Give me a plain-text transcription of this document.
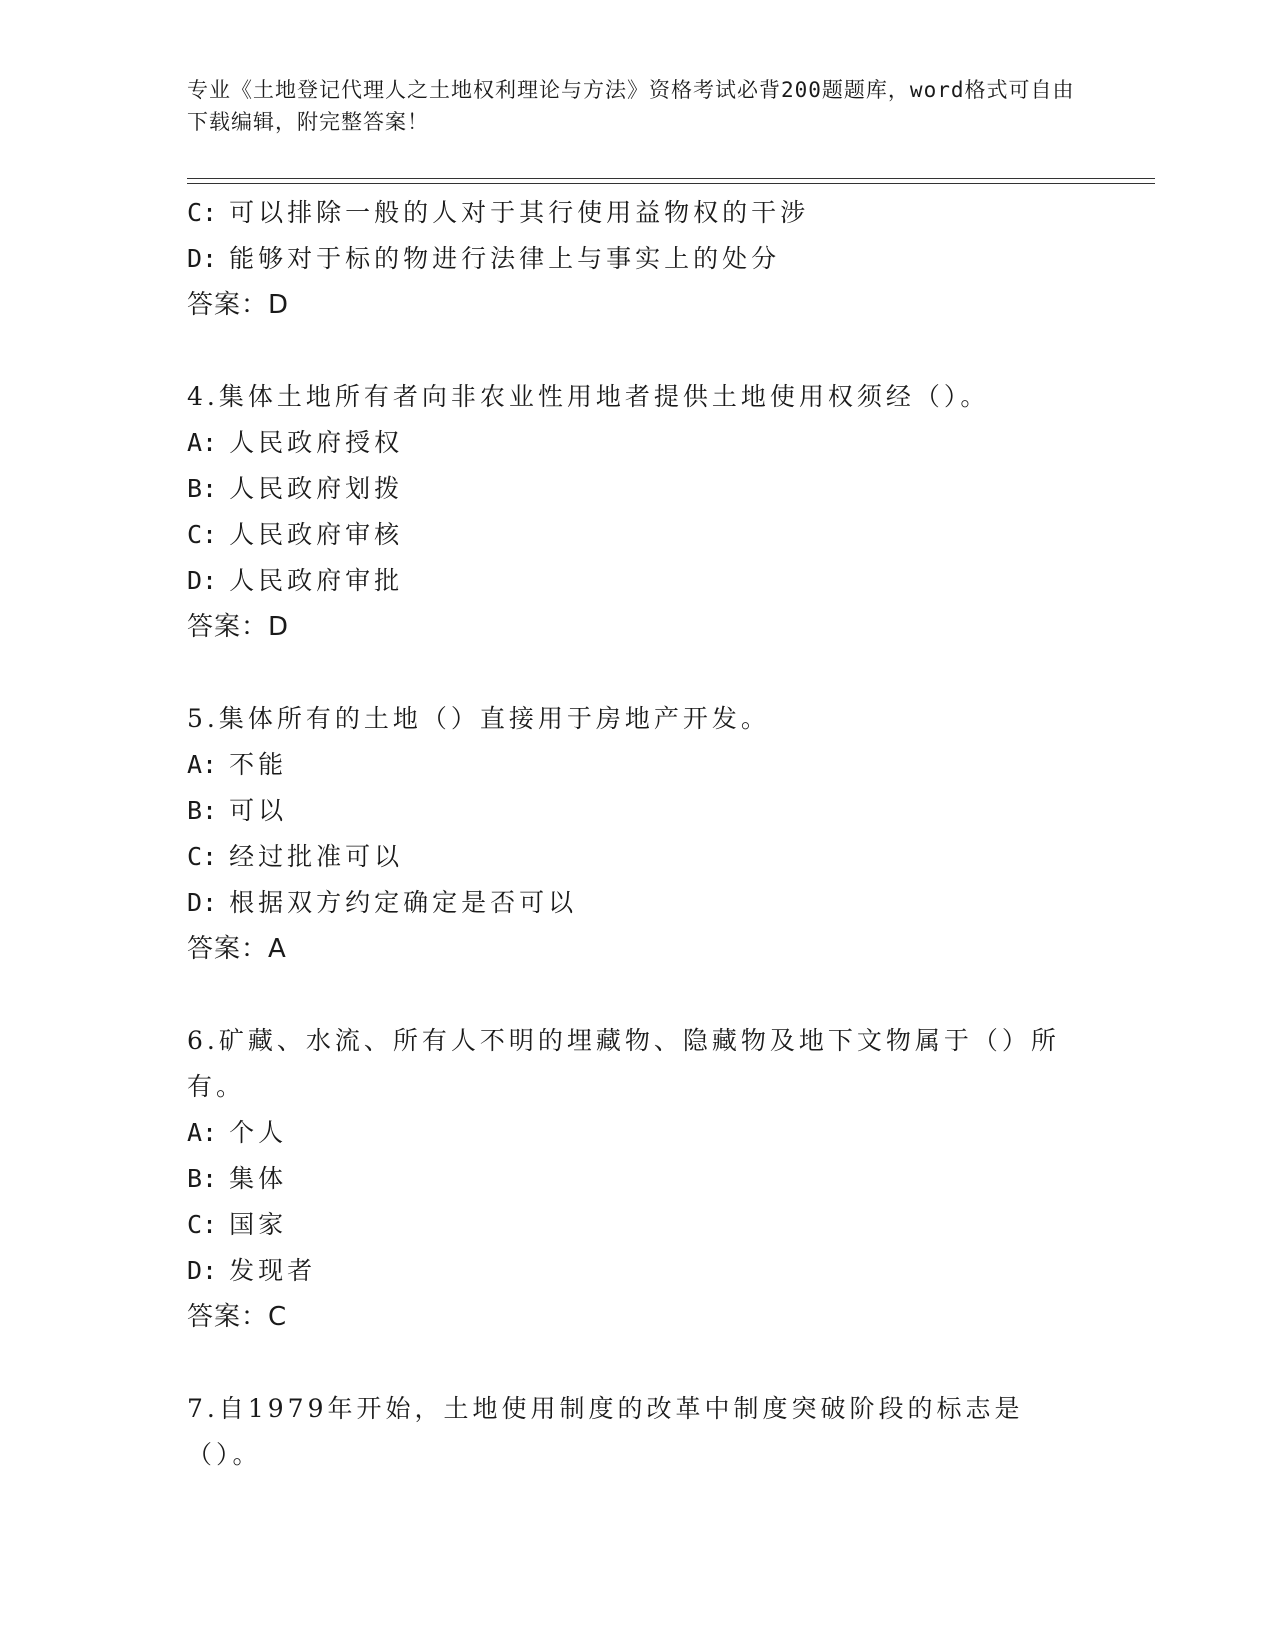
专业《土地登记代理人之土地权利理论与方法》资格考试必背200题题库，word格式可自由下载编辑，附完整答案！
C: 可以排除一般的人对于其行使用益物权的干涉
D: 能够对于标的物进行法律上与事实上的处分
答案：D
4.集体土地所有者向非农业性用地者提供土地使用权须经（）。
A: 人民政府授权
B: 人民政府划拨
C: 人民政府审核
D: 人民政府审批
答案：D
5.集体所有的土地（）直接用于房地产开发。
A: 不能
B: 可以
C: 经过批准可以
D: 根据双方约定确定是否可以
答案：A
6.矿藏、水流、所有人不明的埋藏物、隐藏物及地下文物属于（）所有。
A: 个人
B: 集体
C: 国家
D: 发现者
答案：C
7.自1979年开始，土地使用制度的改革中制度突破阶段的标志是（）。
